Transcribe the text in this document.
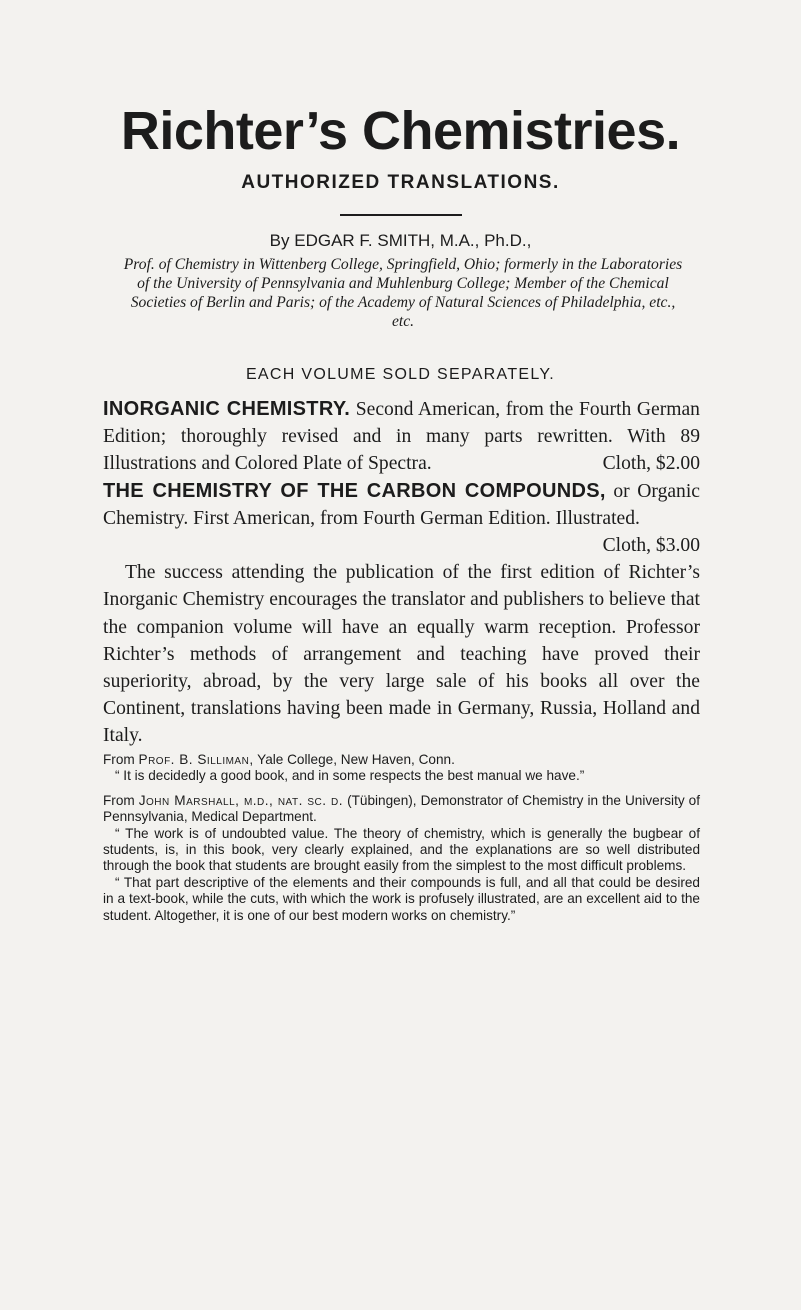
Richter’s Chemistries.
AUTHORIZED TRANSLATIONS.
By EDGAR F. SMITH, M.A., Ph.D.,
Prof. of Chemistry in Wittenberg College, Springfield, Ohio; formerly in the Laboratories of the University of Pennsylvania and Muhlenburg College; Member of the Chemical Societies of Berlin and Paris; of the Academy of Natural Sciences of Philadelphia, etc., etc.
EACH VOLUME SOLD SEPARATELY.

INORGANIC CHEMISTRY. Second American, from the Fourth German Edition; thoroughly revised and in many parts rewritten. With 89 Illustrations and Colored Plate of Spectra.	Cloth, $2.00

THE CHEMISTRY OF THE CARBON COMPOUNDS, or Organic Chemistry. First American, from Fourth German Edition. Illustrated.

Cloth, $3.00

The success attending the publication of the first edition of Richter’s Inorganic Chemistry encourages the translator and publishers to believe that the companion volume will have an equally warm reception. Professor Richter’s methods of arrangement and teaching have proved their superiority, abroad, by the very large sale of his books all over the Continent, translations having been made in Germany, Russia, Holland and Italy.

From Prof. B. Silliman, Yale College, New Haven, Conn.

“ It is decidedly a good book, and in some respects the best manual we have.”

From John Marshall, m.d., nat. sc. d. (Tübingen), Demonstrator of Chemistry in the University of Pennsylvania, Medical Department.

“ The work is of undoubted value. The theory of chemistry, which is generally the bugbear of students, is, in this book, very clearly explained, and the explanations are so well distributed through the book that students are brought easily from the simplest to the most difficult problems.

“ That part descriptive of the elements and their compounds is full, and all that could be desired in a text-book, while the cuts, with which the work is profusely illustrated, are an excellent aid to the student. Altogether, it is one of our best modern works on chemistry.”
